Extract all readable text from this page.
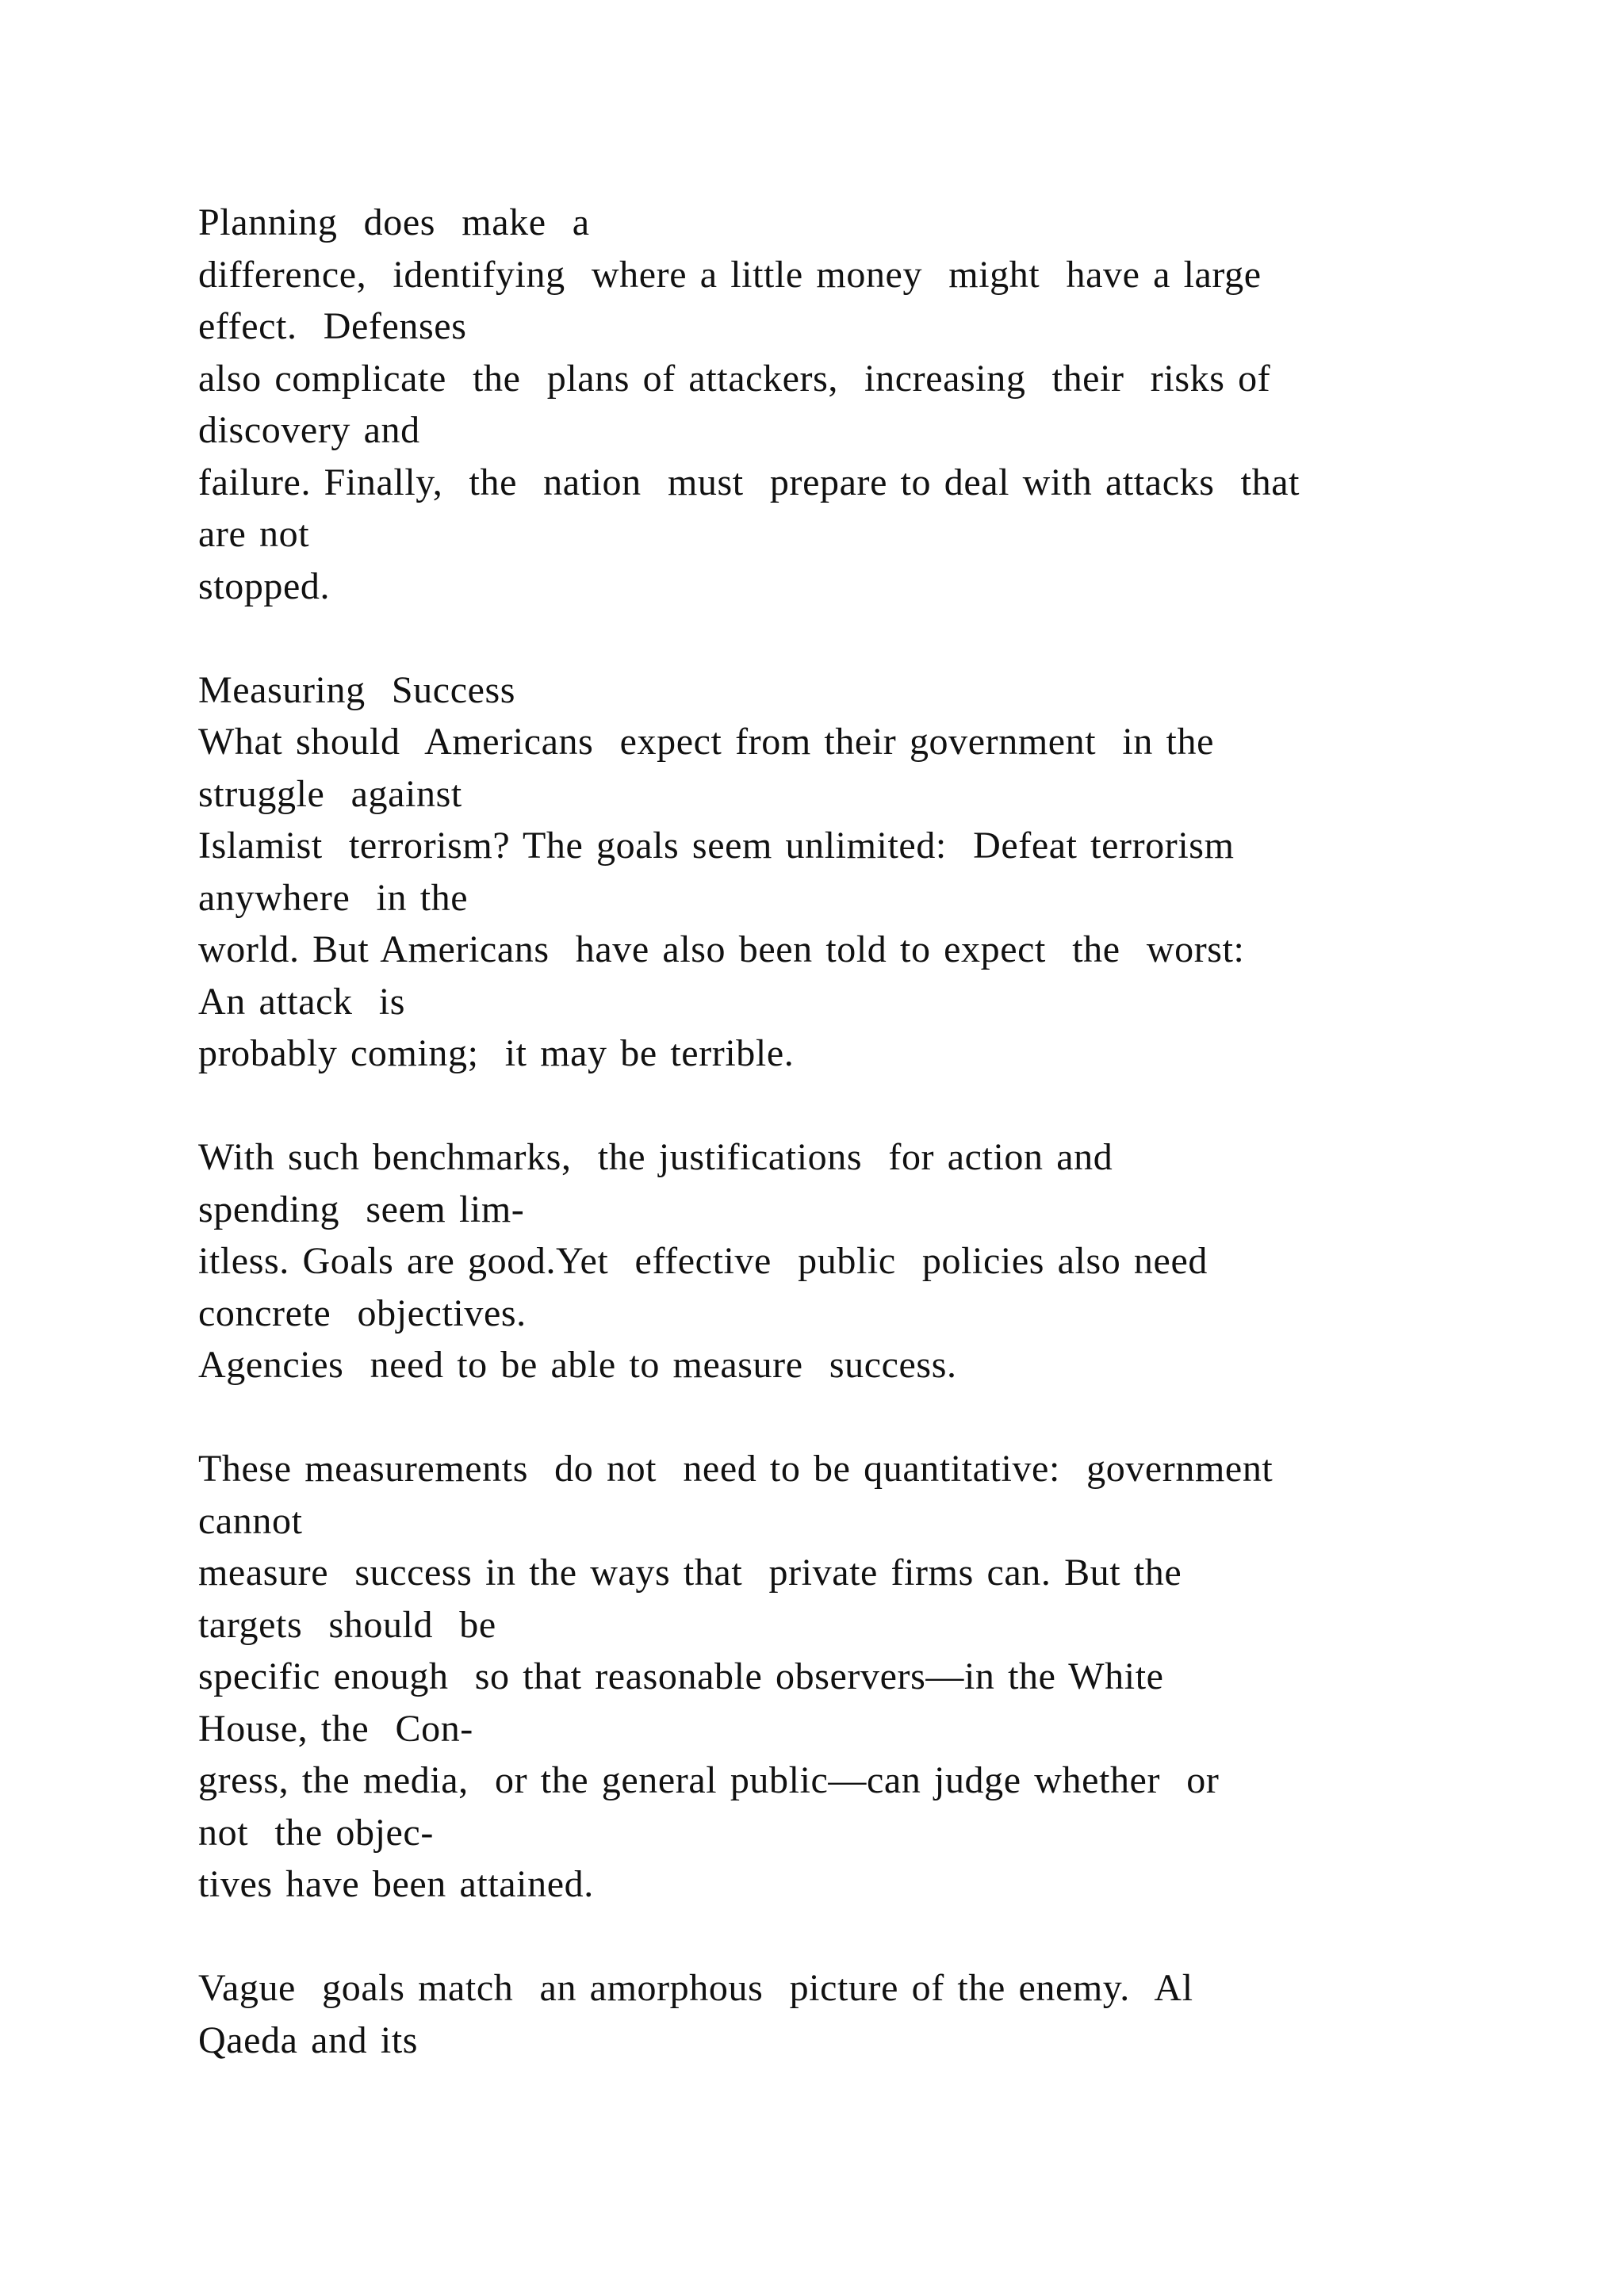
Planning  does  make  a
difference,  identifying  where a little money  might  have a large
effect.  Defenses
also complicate  the  plans of attackers,  increasing  their  risks of
discovery and
failure. Finally,  the  nation  must  prepare to deal with attacks  that
are not
stopped.
Measuring  Success
What should  Americans  expect from their government  in the
struggle  against
Islamist  terrorism? The goals seem unlimited:  Defeat terrorism
anywhere  in the
world. But Americans  have also been told to expect  the  worst:
An attack  is
probably coming;  it may be terrible.
With such benchmarks,  the justifications  for action and
spending  seem lim-
itless. Goals are good.Yet  effective  public  policies also need
concrete  objectives.
Agencies  need to be able to measure  success.
These measurements  do not  need to be quantitative:  government
cannot
measure  success in the ways that  private firms can. But the
targets  should  be
specific enough  so that reasonable observers—in the White
House, the  Con-
gress, the media,  or the general public—can judge whether  or
not  the objec-
tives have been attained.
Vague  goals match  an amorphous  picture of the enemy.  Al
Qaeda and its
